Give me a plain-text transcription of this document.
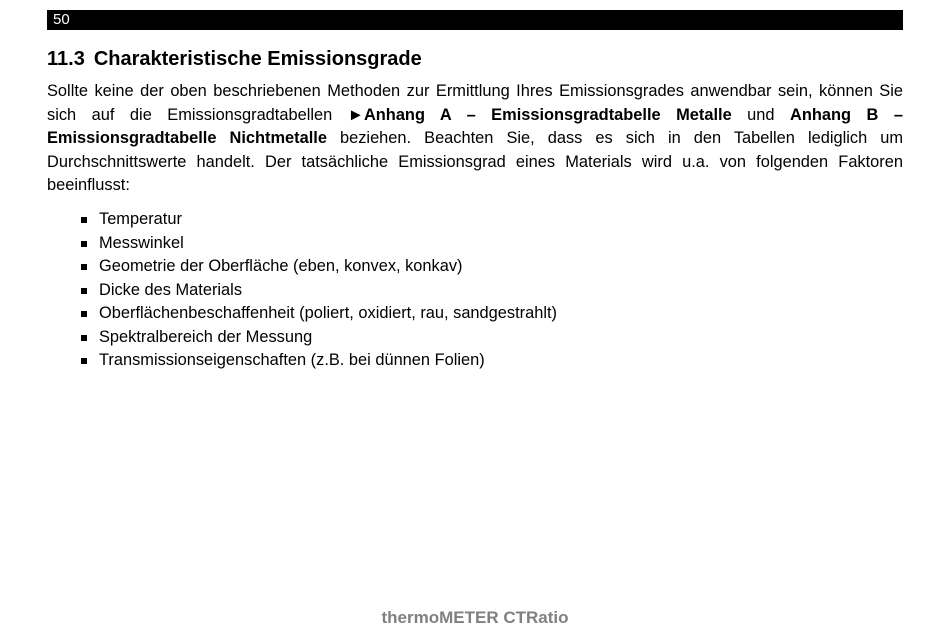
50
11.3 Charakteristische Emissionsgrade

Sollte keine der oben beschriebenen Methoden zur Ermittlung Ihres Emissionsgrades anwendbar sein, können Sie sich auf die Emissionsgradtabellen ►Anhang A – Emissionsgradtabelle Metalle und Anhang B – Emissionsgradtabelle Nichtmetalle beziehen. Beachten Sie, dass es sich in den Tabellen lediglich um Durchschnittswerte handelt. Der tatsächliche Emissionsgrad eines Materials wird u.a. von folgenden Faktoren beeinflusst:

Temperatur
Messwinkel
Geometrie der Oberfläche (eben, konvex, konkav)
Dicke des Materials
Oberflächenbeschaffenheit (poliert, oxidiert, rau, sandgestrahlt)
Spektralbereich der Messung
Transmissionseigenschaften (z.B. bei dünnen Folien)
thermoMETER CTRatio
